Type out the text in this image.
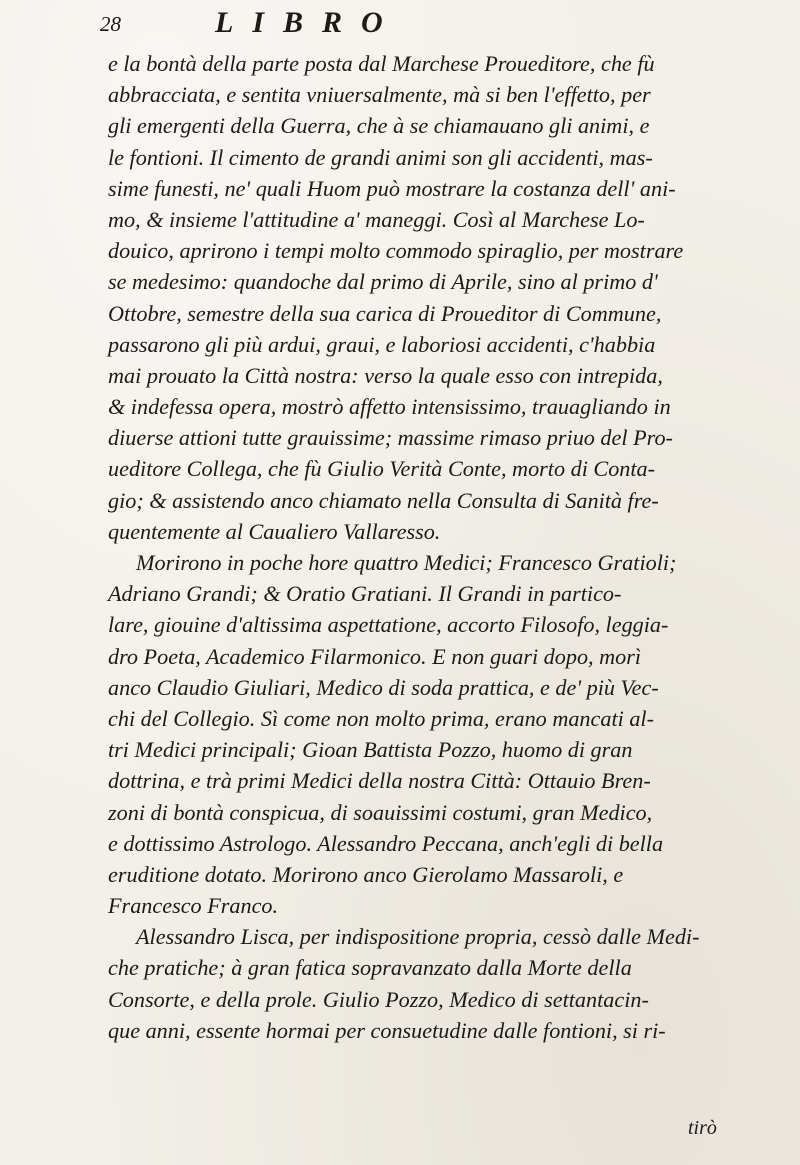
28	LIBRO
e la bontà della parte posta dal Marchese Proueditore, che fù
abbracciata, e sentita vniuersalmente, mà si ben l'effetto, per
gli emergenti della Guerra, che à se chiamauano gli animi, e
le fontioni. Il cimento de grandi animi son gli accidenti, mas-
sime funesti, ne' quali Huom può mostrare la costanza dell' ani-
mo, & insieme l'attitudine a' maneggi. Così al Marchese Lo-
douico, aprirono i tempi molto commodo spiraglio, per mostrare
se medesimo: quandoche dal primo di Aprile, sino al primo d'
Ottobre, semestre della sua carica di Proueditor di Commune,
passarono gli più ardui, graui, e laboriosi accidenti, c'habbia
mai prouato la Città nostra: verso la quale esso con intrepida,
& indefessa opera, mostrò affetto intensissimo, trauagliando in
diuerse attioni tutte grauissime; massime rimaso priuo del Pro-
ueditore Collega, che fù Giulio Verità Conte, morto di Conta-
gio; & assistendo anco chiamato nella Consulta di Sanità fre-
quentemente al Caualiero Vallaresso.
Morirono in poche hore quattro Medici; Francesco Gratioli;
Adriano Grandi; & Oratio Gratiani. Il Grandi in partico-
lare, giouine d'altissima aspettatione, accorto Filosofo, leggia-
dro Poeta, Academico Filarmonico. E non guari dopo, morì
anco Claudio Giuliari, Medico di soda prattica, e de' più Vec-
chi del Collegio. Sì come non molto prima, erano mancati al-
tri Medici principali; Gioan Battista Pozzo, huomo di gran
dottrina, e trà primi Medici della nostra Città: Ottauio Bren-
zoni di bontà conspicua, di soauissimi costumi, gran Medico,
e dottissimo Astrologo. Alessandro Peccana, anch'egli di bella
eruditione dotato. Morirono anco Gierolamo Massaroli, e
Francesco Franco.
Alessandro Lisca, per indispositione propria, cessò dalle Medi-
che pratiche; à gran fatica sopravanzato dalla Morte della
Consorte, e della prole. Giulio Pozzo, Medico di settantacin-
que anni, essente hormai per consuetudine dalle fontioni, si ri-
tirò
